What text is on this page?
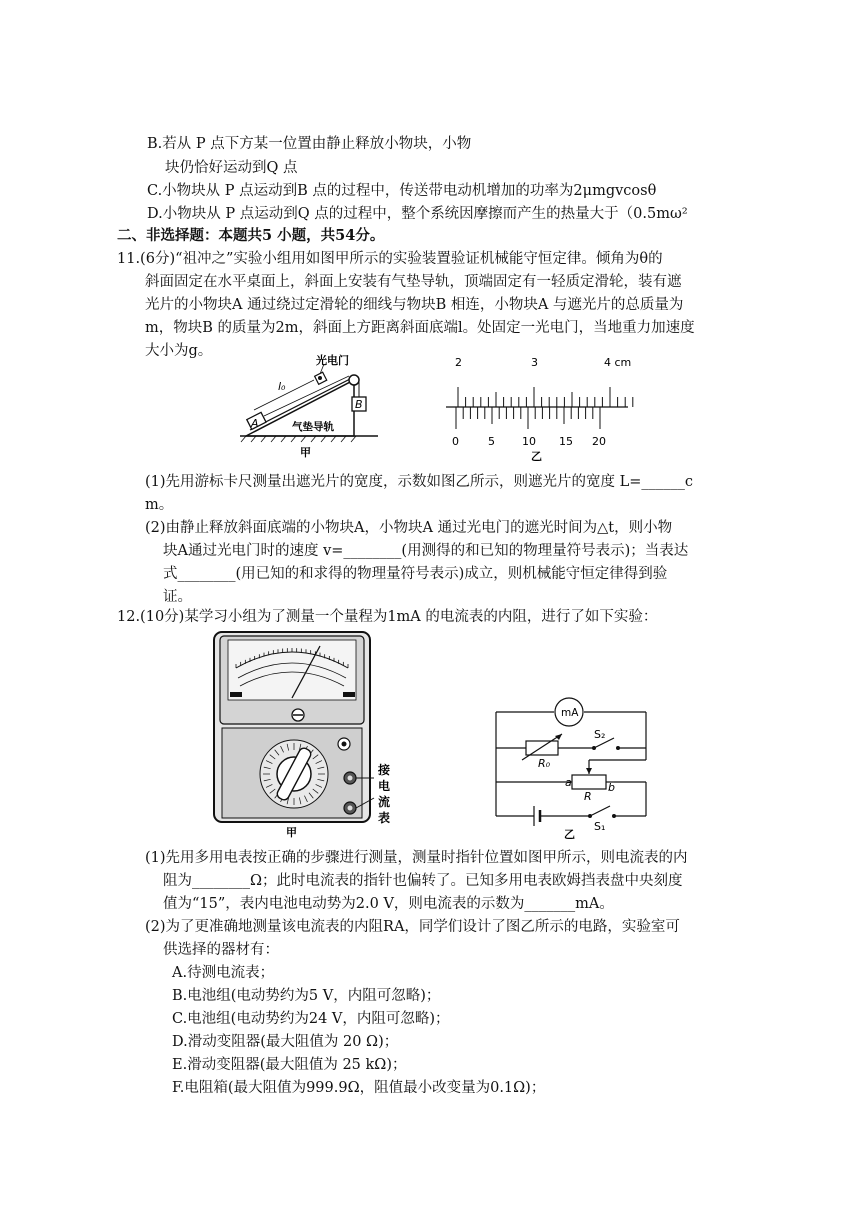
B.若从 P 点下方某一位置由静止释放小物块，小物
块仍恰好运动到Q 点
C.小物块从 P 点运动到B 点的过程中，传送带电动机增加的功率为2μmgvcosθ
D.小物块从 P 点运动到Q 点的过程中，整个系统因摩擦而产生的热量大于（0.5mω²
二、非选择题：本题共5 小题，共54分。
11.(6分)“祖冲之”实验小组用如图甲所示的实验装置验证机械能守恒定律。倾角为θ的
斜面固定在水平桌面上，斜面上安装有气垫导轨，顶端固定有一轻质定滑轮，装有遮
光片的小物块A 通过绕过定滑轮的细线与物块B 相连，小物块A 与遮光片的总质量为
m，物块B 的质量为2m，斜面上方距离斜面底端l。处固定一光电门，当地重力加速度
大小为g。
B
A
光电门
l₀
气垫导轨
甲
2	3	4 cm
0	5 10 15 20
乙
(1)先用游标卡尺测量出遮光片的宽度，示数如图乙所示，则遮光片的宽度 L=______c
m。
(2)由静止释放斜面底端的小物块A，小物块A 通过光电门的遮光时间为△t，则小物
块A通过光电门时的速度 v=________(用测得的和已知的物理量符号表示)；当表达
式________(用已知的和求得的物理量符号表示)成立，则机械能守恒定律得到验
证。
12.(10分)某学习小组为了测量一个量程为1mA 的电流表的内阻，进行了如下实验：
接
电
流
表
甲
mA
S₂
R₀
a
R
b
S₁
乙
(1)先用多用电表按正确的步骤进行测量，测量时指针位置如图甲所示，则电流表的内
阻为________Ω；此时电流表的指针也偏转了。已知多用电表欧姆挡表盘中央刻度
值为“15”，表内电池电动势为2.0 V，则电流表的示数为_______mA。
(2)为了更准确地测量该电流表的内阻RA，同学们设计了图乙所示的电路，实验室可
供选择的器材有：
A.待测电流表；
B.电池组(电动势约为5 V，内阻可忽略)；
C.电池组(电动势约为24 V，内阻可忽略)；
D.滑动变阻器(最大阻值为 20 Ω)；
E.滑动变阻器(最大阻值为 25 kΩ)；
F.电阻箱(最大阻值为999.9Ω，阻值最小改变量为0.1Ω)；
